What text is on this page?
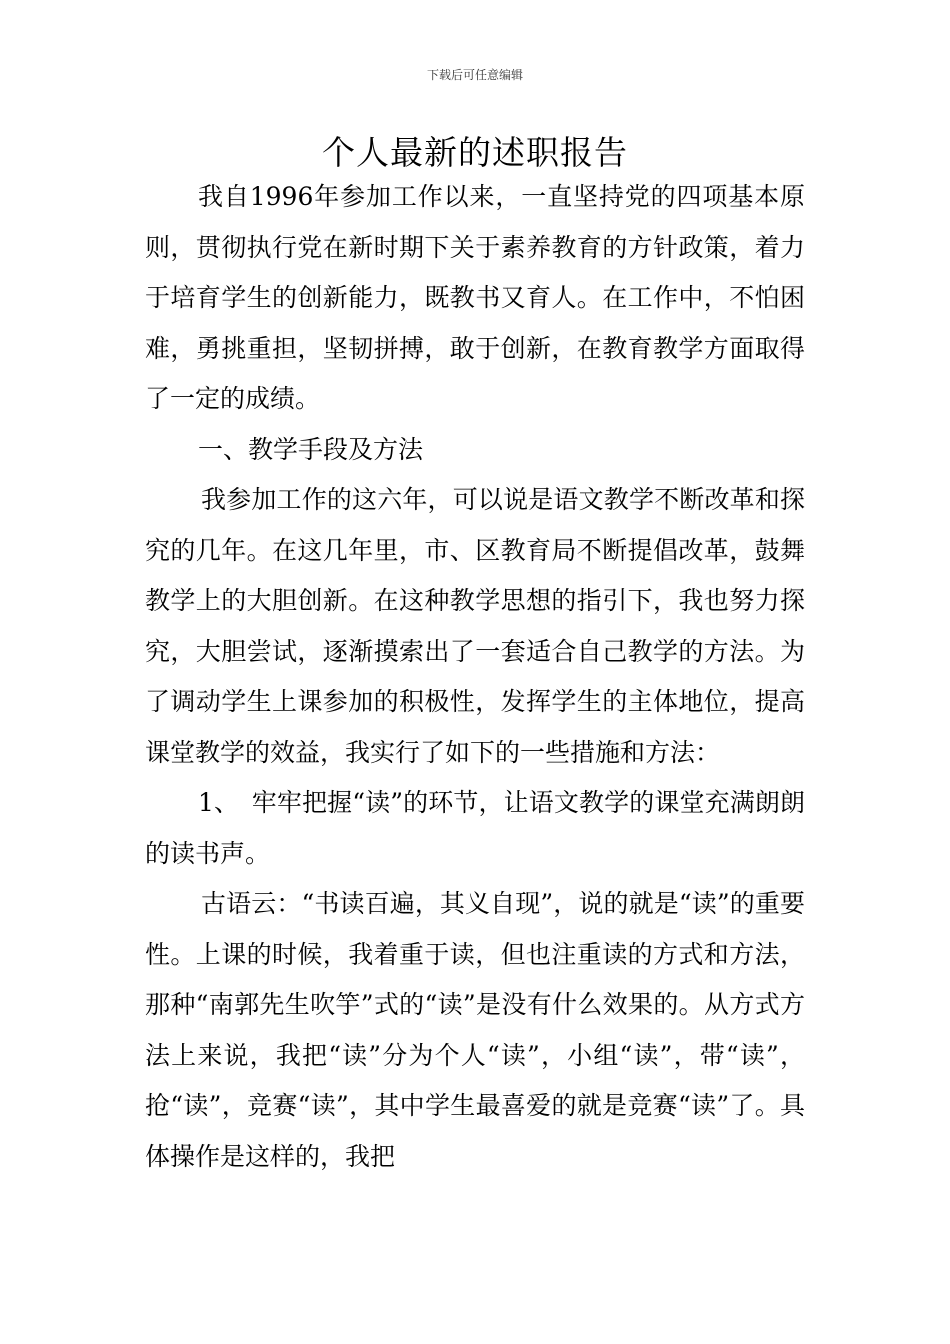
下载后可任意编辑
个人最新的述职报告

我自1996年参加工作以来，一直坚持党的四项基本原则，贯彻执行党在新时期下关于素养教育的方针政策，着力于培育学生的创新能力，既教书又育人。在工作中，不怕困难，勇挑重担，坚韧拼搏，敢于创新，在教育教学方面取得了一定的成绩。

一、教学手段及方法

我参加工作的这六年，可以说是语文教学不断改革和探究的几年。在这几年里，市、区教育局不断提倡改革，鼓舞教学上的大胆创新。在这种教学思想的指引下，我也努力探究，大胆尝试，逐渐摸索出了一套适合自己教学的方法。为了调动学生上课参加的积极性，发挥学生的主体地位，提高课堂教学的效益，我实行了如下的一些措施和方法：

1、　牢牢把握“读”的环节，让语文教学的课堂充满朗朗的读书声。

古语云：“书读百遍，其义自现”，说的就是“读”的重要性。上课的时候，我着重于读，但也注重读的方式和方法，那种“南郭先生吹竽”式的“读”是没有什么效果的。从方式方法上来说，我把“读”分为个人“读”，小组“读”，带“读”，抢“读”，竞赛“读”，其中学生最喜爱的就是竞赛“读”了。具体操作是这样的，我把
